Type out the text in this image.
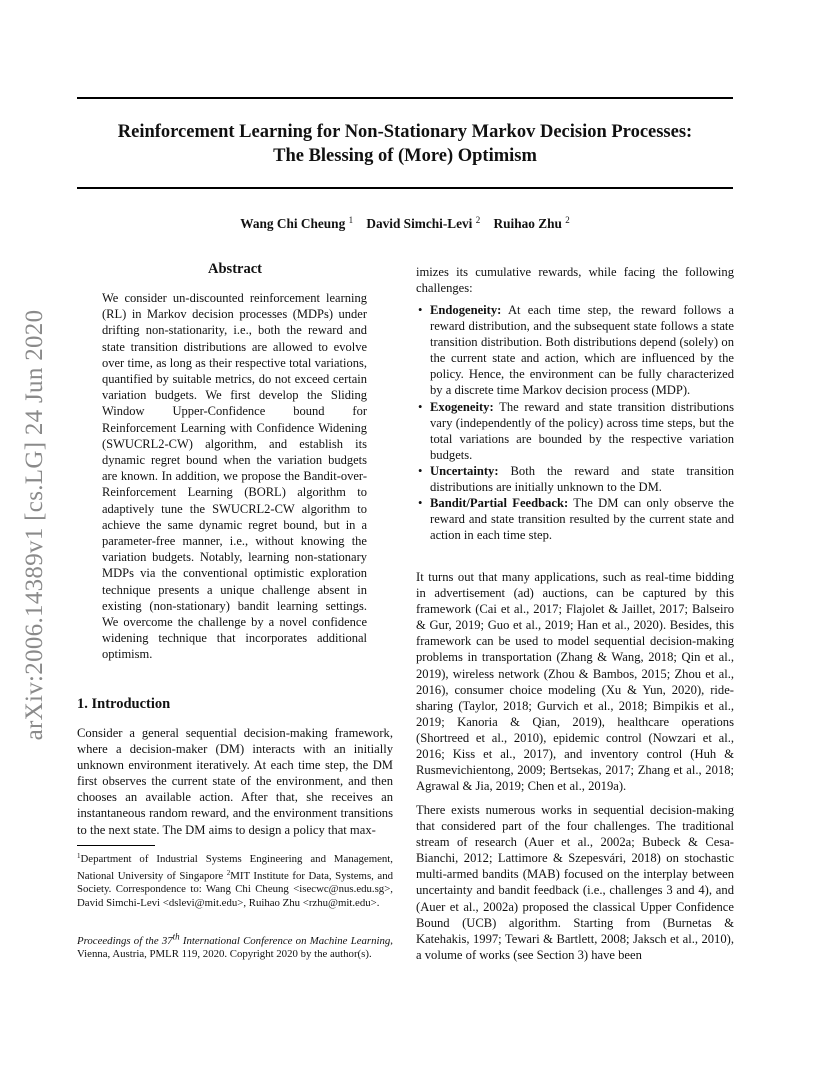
arXiv:2006.14389v1 [cs.LG] 24 Jun 2020
Reinforcement Learning for Non-Stationary Markov Decision Processes:
The Blessing of (More) Optimism
Wang Chi Cheung $^1$ David Simchi-Levi $^2$ Ruihao Zhu $^2$
Abstract

We consider un-discounted reinforcement learning (RL) in Markov decision processes (MDPs) under drifting non-stationarity, i.e., both the reward and state transition distributions are allowed to evolve over time, as long as their respective total variations, quantified by suitable metrics, do not exceed certain variation budgets. We first develop the Sliding Window Upper-Confidence bound for Reinforcement Learning with Confidence Widening (SWUCRL2-CW) algorithm, and establish its dynamic regret bound when the variation budgets are known. In addition, we propose the Bandit-over-Reinforcement Learning (BORL) algorithm to adaptively tune the SWUCRL2-CW algorithm to achieve the same dynamic regret bound, but in a parameter-free manner, i.e., without knowing the variation budgets. Notably, learning non-stationary MDPs via the conventional optimistic exploration technique presents a unique challenge absent in existing (non-stationary) bandit learning settings. We overcome the challenge by a novel confidence widening technique that incorporates additional optimism.

1. Introduction

Consider a general sequential decision-making framework, where a decision-maker (DM) interacts with an initially unknown environment iteratively. At each time step, the DM first observes the current state of the environment, and then chooses an available action. After that, she receives an instantaneous random reward, and the environment transitions to the next state. The DM aims to design a policy that max-

$^1$Department of Industrial Systems Engineering and Management, National University of Singapore $^2$MIT Institute for Data, Systems, and Society. Correspondence to: Wang Chi Cheung <isecwc@nus.edu.sg>, David Simchi-Levi <dslevi@mit.edu>, Ruihao Zhu <rzhu@mit.edu>.

Proceedings of the 37th International Conference on Machine Learning, Vienna, Austria, PMLR 119, 2020. Copyright 2020 by the author(s).

imizes its cumulative rewards, while facing the following challenges:

• Endogeneity: At each time step, the reward follows a reward distribution, and the subsequent state follows a state transition distribution. Both distributions depend (solely) on the current state and action, which are influenced by the policy. Hence, the environment can be fully characterized by a discrete time Markov decision process (MDP).
• Exogeneity: The reward and state transition distributions vary (independently of the policy) across time steps, but the total variations are bounded by the respective variation budgets.
• Uncertainty: Both the reward and state transition distributions are initially unknown to the DM.
• Bandit/Partial Feedback: The DM can only observe the reward and state transition resulted by the current state and action in each time step.

It turns out that many applications, such as real-time bidding in advertisement (ad) auctions, can be captured by this framework (Cai et al., 2017; Flajolet & Jaillet, 2017; Balseiro & Gur, 2019; Guo et al., 2019; Han et al., 2020). Besides, this framework can be used to model sequential decision-making problems in transportation (Zhang & Wang, 2018; Qin et al., 2019), wireless network (Zhou & Bambos, 2015; Zhou et al., 2016), consumer choice modeling (Xu & Yun, 2020), ride-sharing (Taylor, 2018; Gurvich et al., 2018; Bimpikis et al., 2019; Kanoria & Qian, 2019), healthcare operations (Shortreed et al., 2010), epidemic control (Nowzari et al., 2016; Kiss et al., 2017), and inventory control (Huh & Rusmevichientong, 2009; Bertsekas, 2017; Zhang et al., 2018; Agrawal & Jia, 2019; Chen et al., 2019a).

There exists numerous works in sequential decision-making that considered part of the four challenges. The traditional stream of research (Auer et al., 2002a; Bubeck & Cesa-Bianchi, 2012; Lattimore & Szepesvári, 2018) on stochastic multi-armed bandits (MAB) focused on the interplay between uncertainty and bandit feedback (i.e., challenges 3 and 4), and (Auer et al., 2002a) proposed the classical Upper Confidence Bound (UCB) algorithm. Starting from (Burnetas & Katehakis, 1997; Tewari & Bartlett, 2008; Jaksch et al., 2010), a volume of works (see Section 3) have been
